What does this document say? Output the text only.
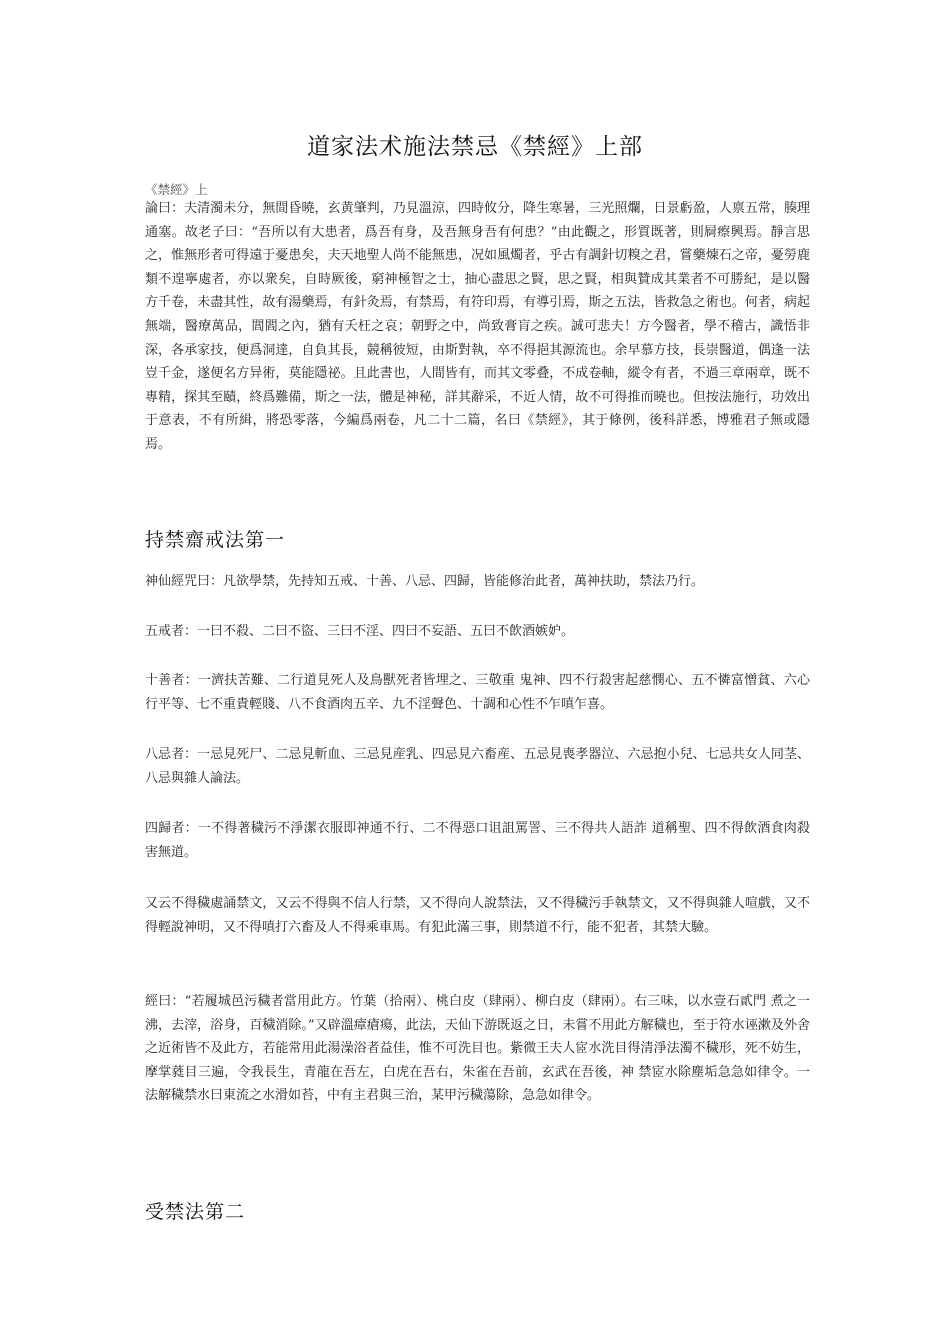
道家法术施法禁忌《禁經》上部
《禁經》上
論曰：夫清濁未分，無間昏曉，玄黄肇判，乃見溫涼，四時攸分，降生寒暑，三光照爛，日景虧盈，人禀五常，腠理通塞。故老子曰：“吾所以有大患者，爲吾有身，及吾無身吾有何患？”由此觀之，形質既著，則屙瘵興焉。靜言思之，惟無形者可得遠于憂患矣，夫天地聖人尚不能無患，况如風燭者，乎古有調針切糗之君，嘗藥煉石之帝，憂勞鹿類不遑寧處者，亦以衆矣，自時厥後，窮神極智之士，抽心盡思之賢，思之賢，相與贊成其業者不可勝紀，是以醫 方千卷，未盡其性，故有湯藥焉，有針灸焉，有禁焉，有符印焉，有導引焉，斯之五法，皆救急之術也。何者，病起無端，醫療萬品，閭閻之內，猶有夭枉之哀；朝野之中，尚致膏肓之疾。誠可悲夫！方今醫者，學不稽古，識悟非深，各承家技，便爲洞達，自負其長，競稱彼短，由斯對執，卒不得挹其源流也。余早慕方技，長崇醫道，偶逢一法豈千金，遂便名方异術，莫能隱祕。且此書也，人間皆有，而其文零叠，不成卷軸，縱令有者，不過三章兩章，既不專精，探其至賾，終爲難備，斯之一法，體是神秘，詳其辭采，不近人情，故不可得推而曉也。但按法施行，功效出于意表，不有所緝，將恐零落，今編爲兩卷，凡二十二篇，名曰《禁經》，其于條例，後科詳悉，博雅君子無或隱焉。
持禁齋戒法第一
神仙經咒曰：凡欲學禁，先持知五戒、十善、八忌、四歸，皆能修治此者，萬神扶助，禁法乃行。
五戒者：一曰不殺、二曰不盜、三曰不淫、四曰不妄語、五曰不飲酒嫉妒。
十善者：一濟扶苦難、二行道見死人及鳥獸死者皆埋之、三敬重 鬼神、四不行殺害起慈憫心、五不憐富憎貧、六心行平等、七不重貴輕賤、八不食酒肉五辛、九不淫聲色、十調和心性不乍嗔乍喜。
八忌者：一忌見死尸、二忌見斬血、三忌見産乳、四忌見六畜産、五忌見喪孝器泣、六忌抱小兒、七忌共女人同茎、八忌與雜人論法。
四歸者：一不得著穢污不淨潔衣服即神通不行、二不得惡口诅詛罵詈、三不得共人語詐 道稱聖、四不得飲酒食肉殺害無道。
又云不得穢處誦禁文，又云不得與不信人行禁，又不得向人說禁法，又不得穢污手執禁文，又不得與雜人喧戲，又不得輕說神明，又不得嗔打六畜及人不得乘車馬。有犯此滿三事，則禁道不行，能不犯者，其禁大驗。
經曰：“若履城邑污穢者當用此方。竹葉（拾兩）、桃白皮（肆兩）、柳白皮（肆兩）。右三味，以水壹石貳門 煮之一沸，去滓，浴身，百穢消除。”又辟溫瘴瘡瘍，此法，天仙下游既返之日，未嘗不用此方解穢也，至于符水诬漱及外舍之近術皆不及此方，若能常用此湯澡浴者益佳，惟不可洗目也。紫微王夫人宧水洗目得清淨法濁不穢形，死不妨生，摩掌蕤目三遍，令我長生，青龍在吾左，白虎在吾右，朱雀在吾前，玄武在吾後，神 禁宧水除塵垢急急如律令。一法解穢禁水曰東流之水滑如苔，中有主君與三治，某甲污穢蕩除，急急如律令。
受禁法第二
